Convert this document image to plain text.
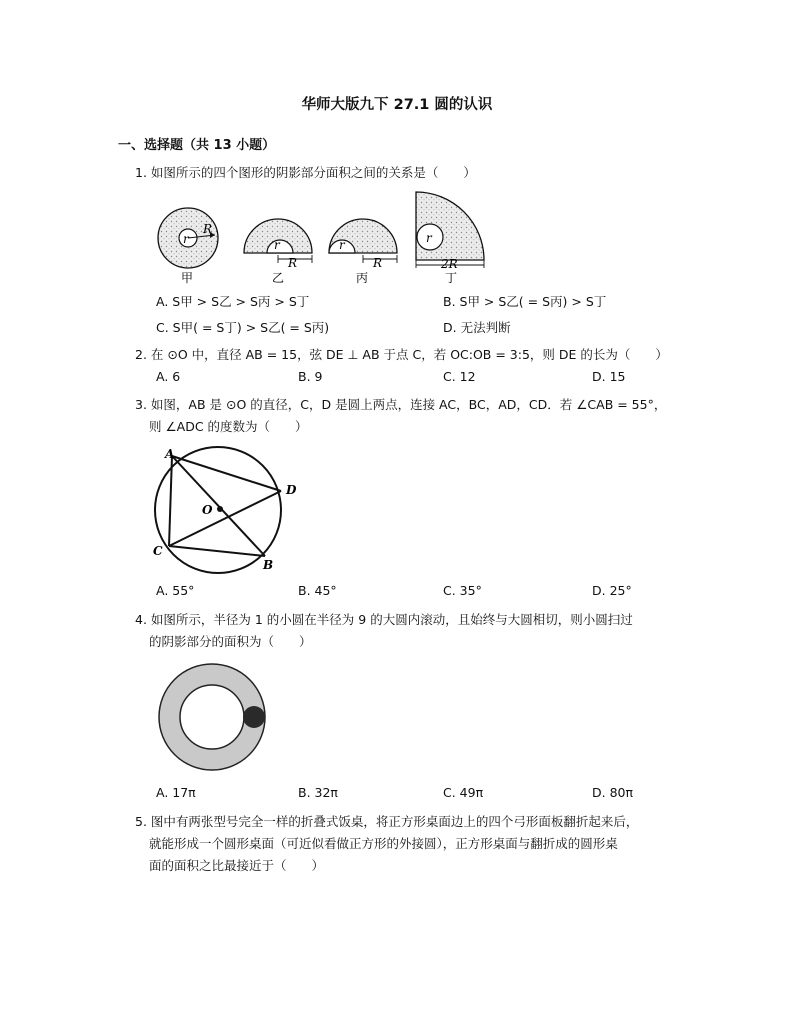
华师大版九下 27.1 圆的认识
一、选择题（共 13 小题）
1. 如图所示的四个图形的阴影部分面积之间的关系是（　　）
R
r
甲
r
R
乙
r
R
丙
r
2R
丁
A. S甲 > S乙 > S丙 > S丁	B. S甲 > S乙( = S丙) > S丁
C. S甲( = S丁) > S乙( = S丙)	D. 无法判断
2. 在 ⊙O 中，直径 AB = 15，弦 DE ⊥ AB 于点 C，若 OC:OB = 3:5，则 DE 的长为（　　）
A. 6	B. 9	C. 12	D. 15
3. 如图，AB 是 ⊙O 的直径，C，D 是圆上两点，连接 AC，BC，AD，CD．若 ∠CAB = 55°，
则 ∠ADC 的度数为（　　）
A
B
C
D
O
A. 55°	B. 45°	C. 35°	D. 25°
4. 如图所示，半径为 1 的小圆在半径为 9 的大圆内滚动，且始终与大圆相切，则小圆扫过
的阴影部分的面积为（　　）
A. 17π	B. 32π	C. 49π	D. 80π
5. 图中有两张型号完全一样的折叠式饭桌，将正方形桌面边上的四个弓形面板翻折起来后，
就能形成一个圆形桌面（可近似看做正方形的外接圆），正方形桌面与翻折成的圆形桌
面的面积之比最接近于（　　）
